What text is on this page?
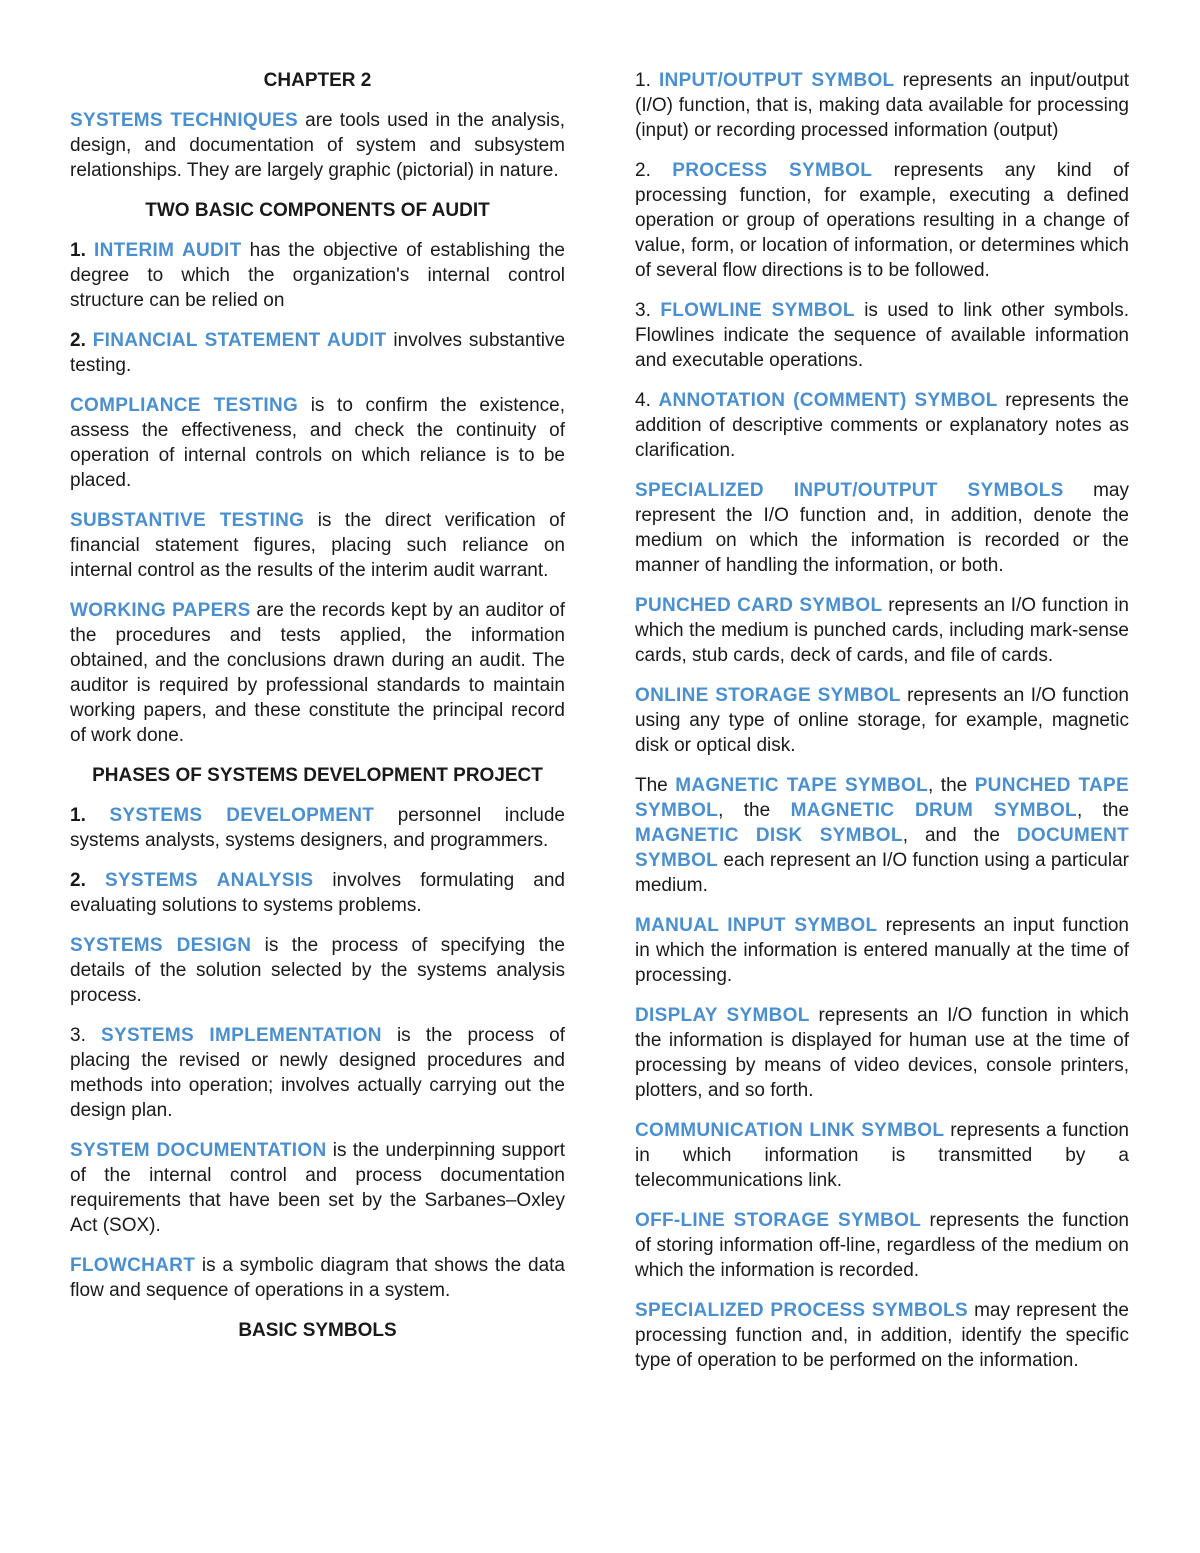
CHAPTER 2

SYSTEMS TECHNIQUES are tools used in the analysis, design, and documentation of system and subsystem relationships. They are largely graphic (pictorial) in nature.

TWO BASIC COMPONENTS OF AUDIT

1. INTERIM AUDIT has the objective of establishing the degree to which the organization's internal control structure can be relied on

2. FINANCIAL STATEMENT AUDIT involves substantive testing.

COMPLIANCE TESTING is to confirm the existence, assess the effectiveness, and check the continuity of operation of internal controls on which reliance is to be placed.

SUBSTANTIVE TESTING is the direct verification of financial statement figures, placing such reliance on internal control as the results of the interim audit warrant.

WORKING PAPERS are the records kept by an auditor of the procedures and tests applied, the information obtained, and the conclusions drawn during an audit. The auditor is required by professional standards to maintain working papers, and these constitute the principal record of work done.

PHASES OF SYSTEMS DEVELOPMENT PROJECT

1. SYSTEMS DEVELOPMENT personnel include systems analysts, systems designers, and programmers.

2. SYSTEMS ANALYSIS involves formulating and evaluating solutions to systems problems.

SYSTEMS DESIGN is the process of specifying the details of the solution selected by the systems analysis process.

3. SYSTEMS IMPLEMENTATION is the process of placing the revised or newly designed procedures and methods into operation; involves actually carrying out the design plan.

SYSTEM DOCUMENTATION is the underpinning support of the internal control and process documentation requirements that have been set by the Sarbanes–Oxley Act (SOX).

FLOWCHART is a symbolic diagram that shows the data flow and sequence of operations in a system.

BASIC SYMBOLS

1. INPUT/OUTPUT SYMBOL represents an input/output (I/O) function, that is, making data available for processing (input) or recording processed information (output)

2. PROCESS SYMBOL represents any kind of processing function, for example, executing a defined operation or group of operations resulting in a change of value, form, or location of information, or determines which of several flow directions is to be followed.

3. FLOWLINE SYMBOL is used to link other symbols. Flowlines indicate the sequence of available information and executable operations.

4. ANNOTATION (COMMENT) SYMBOL represents the addition of descriptive comments or explanatory notes as clarification.

SPECIALIZED INPUT/OUTPUT SYMBOLS may represent the I/O function and, in addition, denote the medium on which the information is recorded or the manner of handling the information, or both.

PUNCHED CARD SYMBOL represents an I/O function in which the medium is punched cards, including mark-sense cards, stub cards, deck of cards, and file of cards.

ONLINE STORAGE SYMBOL represents an I/O function using any type of online storage, for example, magnetic disk or optical disk.

The MAGNETIC TAPE SYMBOL, the PUNCHED TAPE SYMBOL, the MAGNETIC DRUM SYMBOL, the MAGNETIC DISK SYMBOL, and the DOCUMENT SYMBOL each represent an I/O function using a particular medium.

MANUAL INPUT SYMBOL represents an input function in which the information is entered manually at the time of processing.

DISPLAY SYMBOL represents an I/O function in which the information is displayed for human use at the time of processing by means of video devices, console printers, plotters, and so forth.

COMMUNICATION LINK SYMBOL represents a function in which information is transmitted by a telecommunications link.

OFF-LINE STORAGE SYMBOL represents the function of storing information off-line, regardless of the medium on which the information is recorded.

SPECIALIZED PROCESS SYMBOLS may represent the processing function and, in addition, identify the specific type of operation to be performed on the information.
